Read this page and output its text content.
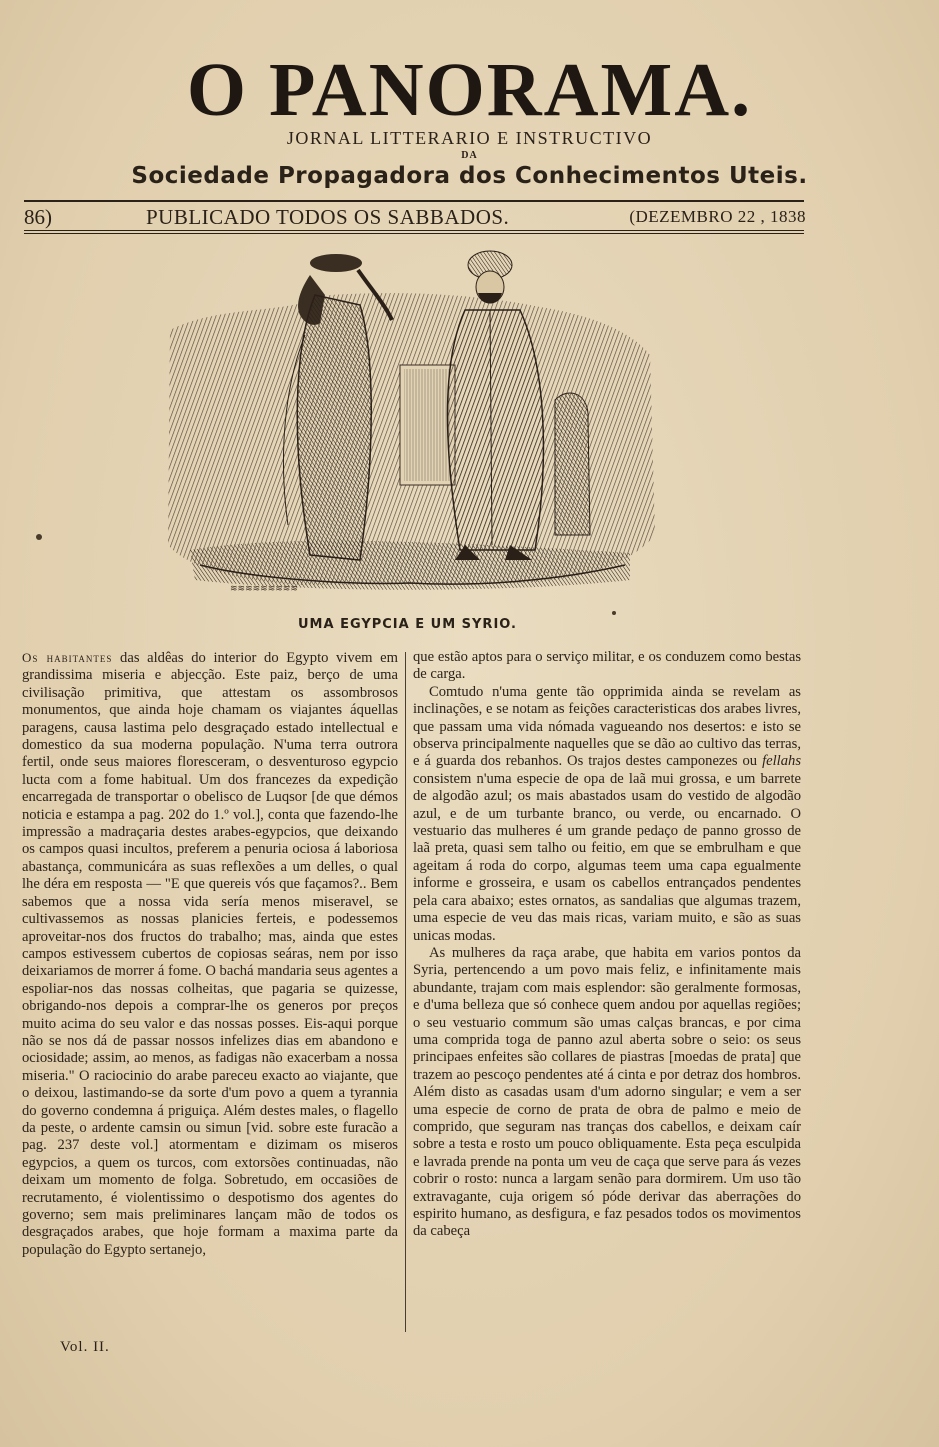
O PANORAMA.
JORNAL LITTERARIO E INSTRUCTIVO
DA
Sociedade Propagadora dos Conhecimentos Uteis.
86)	PUBLICADO TODOS OS SABBADOS.	(DEZEMBRO 22 , 1838
≋≋≋≋≋≋≋≋≋
UMA EGYPCIA E UM SYRIO.

Os habitantes das aldêas do interior do Egypto vivem em grandissima miseria e abjecção. Este paiz, berço de uma civilisação primitiva, que attestam os assombrosos monumentos, que ainda hoje chamam os viajantes áquellas paragens, causa lastima pelo desgraçado estado intellectual e domestico da sua moderna população. N'uma terra outrora fertil, onde seus maiores floresceram, o desventuroso egypcio lucta com a fome habitual. Um dos francezes da expedição encarregada de transportar o obelisco de Luqsor [de que démos noticia e estampa a pag. 202 do 1.º vol.], conta que fazendo-lhe impressão a madraçaria destes arabes-egypcios, que deixando os campos quasi incultos, preferem a penuria ociosa á laboriosa abastança, communicára as suas reflexões a um delles, o qual lhe déra em resposta — "E que quereis vós que façamos?.. Bem sabemos que a nossa vida sería menos miseravel, se cultivassemos as nossas planicies ferteis, e podessemos aproveitar-nos dos fructos do trabalho; mas, ainda que estes campos estivessem cubertos de copiosas seáras, nem por isso deixariamos de morrer á fome. O bachá mandaria seus agentes a espoliar-nos das nossas colheitas, que pagaria se quizesse, obrigando-nos depois a comprar-lhe os generos por preços muito acima do seu valor e das nossas posses. Eis-aqui porque não se nos dá de passar nossos infelizes dias em abandono e ociosidade; assim, ao menos, as fadigas não exacerbam a nossa miseria." O raciocinio do arabe pareceu exacto ao viajante, que o deixou, lastimando-se da sorte d'um povo a quem a tyrannia do governo condemna á priguiça. Além destes males, o flagello da peste, o ardente camsin ou simun [vid. sobre este furacão a pag. 237 deste vol.] atormentam e dizimam os miseros egypcios, a quem os turcos, com extorsões continuadas, não deixam um momento de folga. Sobretudo, em occasiões de recrutamento, é violentissimo o despotismo dos agentes do governo; sem mais preliminares lançam mão de todos os desgraçados arabes, que hoje formam a maxima parte da população do Egypto sertanejo,

que estão aptos para o serviço militar, e os conduzem como bestas de carga.

Comtudo n'uma gente tão opprimida ainda se revelam as inclinações, e se notam as feições caracteristicas dos arabes livres, que passam uma vida nómada vagueando nos desertos: e isto se observa principalmente naquelles que se dão ao cultivo das terras, e á guarda dos rebanhos. Os trajos destes camponezes ou fellahs consistem n'uma especie de opa de laã mui grossa, e um barrete de algodão azul; os mais abastados usam do vestido de algodão azul, e de um turbante branco, ou verde, ou encarnado. O vestuario das mulheres é um grande pedaço de panno grosso de laã preta, quasi sem talho ou feitio, em que se embrulham e que ageitam á roda do corpo, algumas teem uma capa egualmente informe e grosseira, e usam os cabellos entrançados pendentes pela cara abaixo; estes ornatos, as sandalias que algumas trazem, uma especie de veu das mais ricas, variam muito, e são as suas unicas modas.

As mulheres da raça arabe, que habita em varios pontos da Syria, pertencendo a um povo mais feliz, e infinitamente mais abundante, trajam com mais esplendor: são geralmente formosas, e d'uma belleza que só conhece quem andou por aquellas regiões; o seu vestuario commum são umas calças brancas, e por cima uma comprida toga de panno azul aberta sobre o seio: os seus principaes enfeites são collares de piastras [moedas de prata] que trazem ao pescoço pendentes até á cinta e por detraz dos hombros. Além disto as casadas usam d'um adorno singular; e vem a ser uma especie de corno de prata de obra de palmo e meio de comprido, que seguram nas tranças dos cabellos, e deixam caír sobre a testa e rosto um pouco obliquamente. Esta peça esculpida e lavrada prende na ponta um veu de caça que serve para ás vezes cobrir o rosto: nunca a largam senão para dormirem. Um uso tão extravagante, cuja origem só póde derivar das aberrações do espirito humano, as desfigura, e faz pesados todos os movimentos da cabeça

Vol. II.
